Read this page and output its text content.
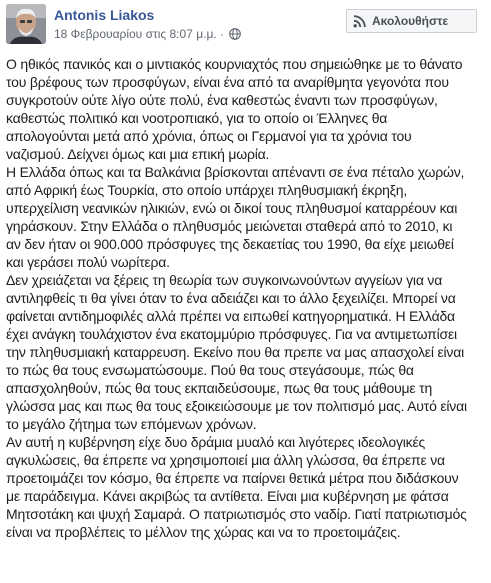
Antonis Liakos
18 Φεβρουαρίου στις 8:07 μ.μ. ·
Ακολουθήστε

Ο ηθικός πανικός και ο μιντιακός κουρνιαχτός που σημειώθηκε με το θάνατο

του βρέφους των προσφύγων, είναι ένα από τα αναρίθμητα γεγονότα που

συγκροτούν ούτε λίγο ούτε πολύ, ένα καθεστώς έναντι των προσφύγων,

καθεστώς πολιτικό και νοοτροπιακό, για το οποίο οι Έλληνες θα

απολογούνται μετά από χρόνια, όπως οι Γερμανοί για τα χρόνια του

ναζισμού. Δείχνει όμως και μια επική μωρία.

Η Ελλάδα όπως και τα Βαλκάνια βρίσκονται απέναντι σε ένα πέταλο χωρών,

από Αφρική έως Τουρκία, στο οποίο υπάρχει πληθυσμιακή έκρηξη,

υπερχείλιση νεανικών ηλικιών, ενώ οι δικοί τους πληθυσμοί καταρρέουν και

γηράσκουν. Στην Ελλάδα ο πληθυσμός μειώνεται σταθερά από το 2010, κι

αν δεν ήταν οι 900.000 πρόσφυγες της δεκαετίας του 1990, θα είχε μειωθεί

και γεράσει πολύ νωρίτερα.

Δεν χρειάζεται να ξέρεις τη θεωρία των συγκοινωνούντων αγγείων για να

αντιληφθείς τι θα γίνει όταν το ένα αδειάζει και το άλλο ξεχειλίζει. Μπορεί να

φαίνεται αντιδημοφιλές αλλά πρέπει να ειπωθεί κατηγορηματικά. Η Ελλάδα

έχει ανάγκη τουλάχιστον ένα εκατομμύριο πρόσφυγες. Για να αντιμετωπίσει

την πληθυσμιακή καταρρευση. Εκείνο που θα πρεπε να μας απασχολεί είναι

το πώς θα τους ενσωματώσουμε. Πού θα τους στεγάσουμε, πώς θα

απασχοληθούν, πώς θα τους εκπαιδεύσουμε, πως θα τους μάθουμε τη

γλώσσα μας και πως θα τους εξοικειώσουμε με τον πολιτισμό μας. Αυτό είναι

το μεγάλο ζήτημα των επόμενων χρόνων.

Αν αυτή η κυβέρνηση είχε δυο δράμια μυαλό και λιγότερες ιδεολογικές

αγκυλώσεις, θα έπρεπε να χρησιμοποιεί μια άλλη γλώσσα, θα έπρεπε να

προετοιμάζει τον κόσμο, θα έπρεπε να παίρνει θετικά μέτρα που διδάσκουν

με παράδειγμα. Κάνει ακριβώς τα αντίθετα. Είναι μια κυβέρνηση με φάτσα

Μητσοτάκη και ψυχή Σαμαρά. Ο πατριωτισμός στο ναδίρ. Γιατί πατριωτισμός

είναι να προβλέπεις το μέλλον της χώρας και να το προετοιμάζεις.
